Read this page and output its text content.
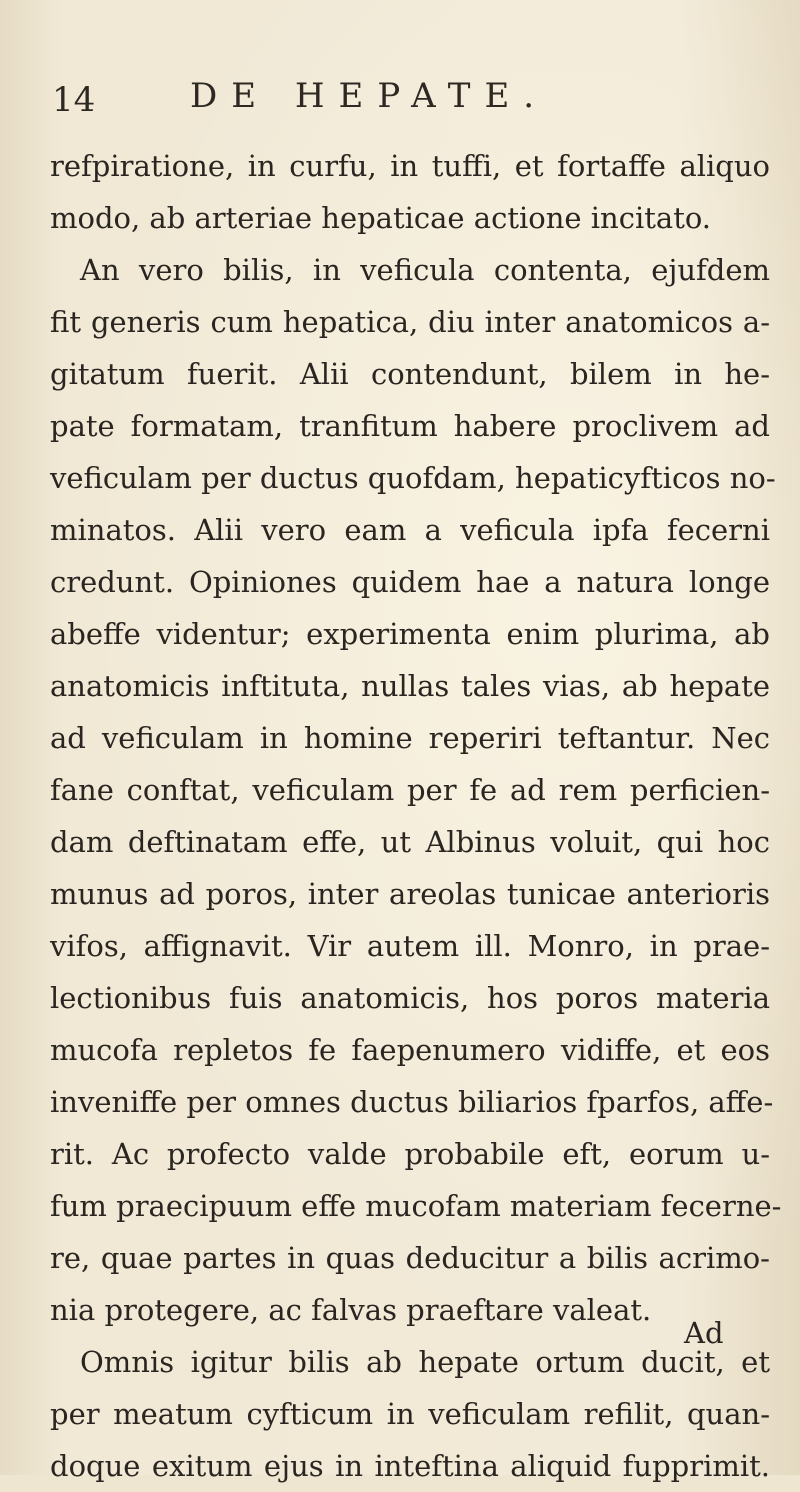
14	DE HEPATE.
refpiratione, in curfu, in tuffi, et fortaffe aliquo
modo, ab arteriae hepaticae actione incitato.
An vero bilis, in veficula contenta, ejufdem
fit generis cum hepatica, diu inter anatomicos a-
gitatum fuerit. Alii contendunt, bilem in he-
pate formatam, tranfitum habere proclivem ad
veficulam per ductus quofdam, hepaticyfticos no-
minatos. Alii vero eam a veficula ipfa fecerni
credunt. Opiniones quidem hae a natura longe
abeffe videntur; experimenta enim plurima, ab
anatomicis inftituta, nullas tales vias, ab hepate
ad veficulam in homine reperiri teftantur. Nec
fane conftat, veficulam per fe ad rem perficien-
dam deftinatam effe, ut Albinus voluit, qui hoc
munus ad poros, inter areolas tunicae anterioris
vifos, affignavit. Vir autem ill. Monro, in prae-
lectionibus fuis anatomicis, hos poros materia
mucofa repletos fe faepenumero vidiffe, et eos
inveniffe per omnes ductus biliarios fparfos, affe-
rit. Ac profecto valde probabile eft, eorum u-
fum praecipuum effe mucofam materiam fecerne-
re, quae partes in quas deducitur a bilis acrimo-
nia protegere, ac falvas praeftare valeat.
Omnis igitur bilis ab hepate ortum ducit, et
per meatum cyfticum in veficulam refilit, quan-
doque exitum ejus in inteftina aliquid fupprimit.
Ad
